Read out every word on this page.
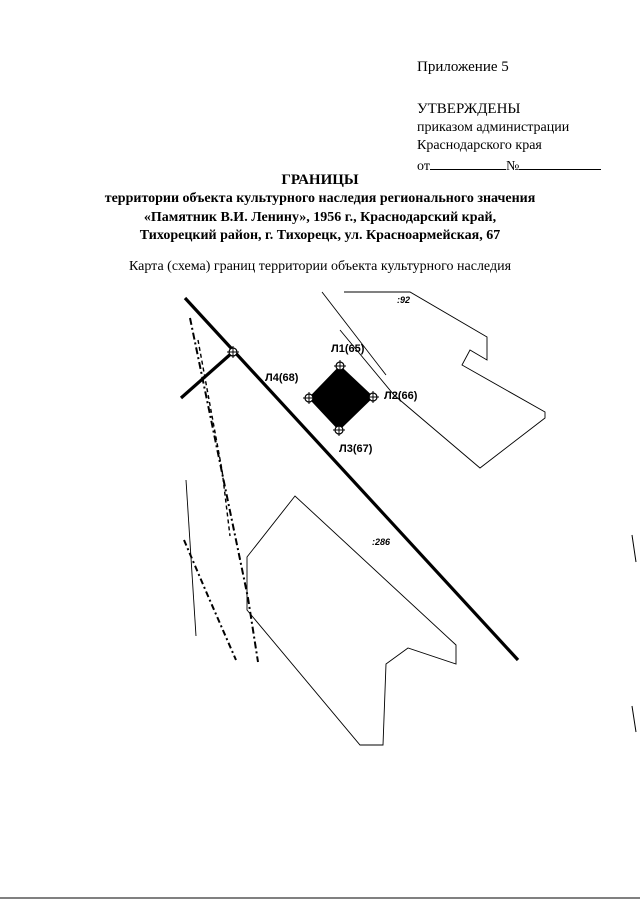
Приложение 5
УТВЕРЖДЕНЫ
приказом администрации
Краснодарского края
от	№
ГРАНИЦЫ
территории объекта культурного наследия регионального значения
«Памятник В.И. Ленину», 1956 г., Краснодарский край,
Тихорецкий район, г. Тихорецк, ул. Красноармейская, 67
Карта (схема) границ территории объекта культурного наследия
Л1(65)
Л2(66)
Л3(67)
Л4(68)
:92
:286
